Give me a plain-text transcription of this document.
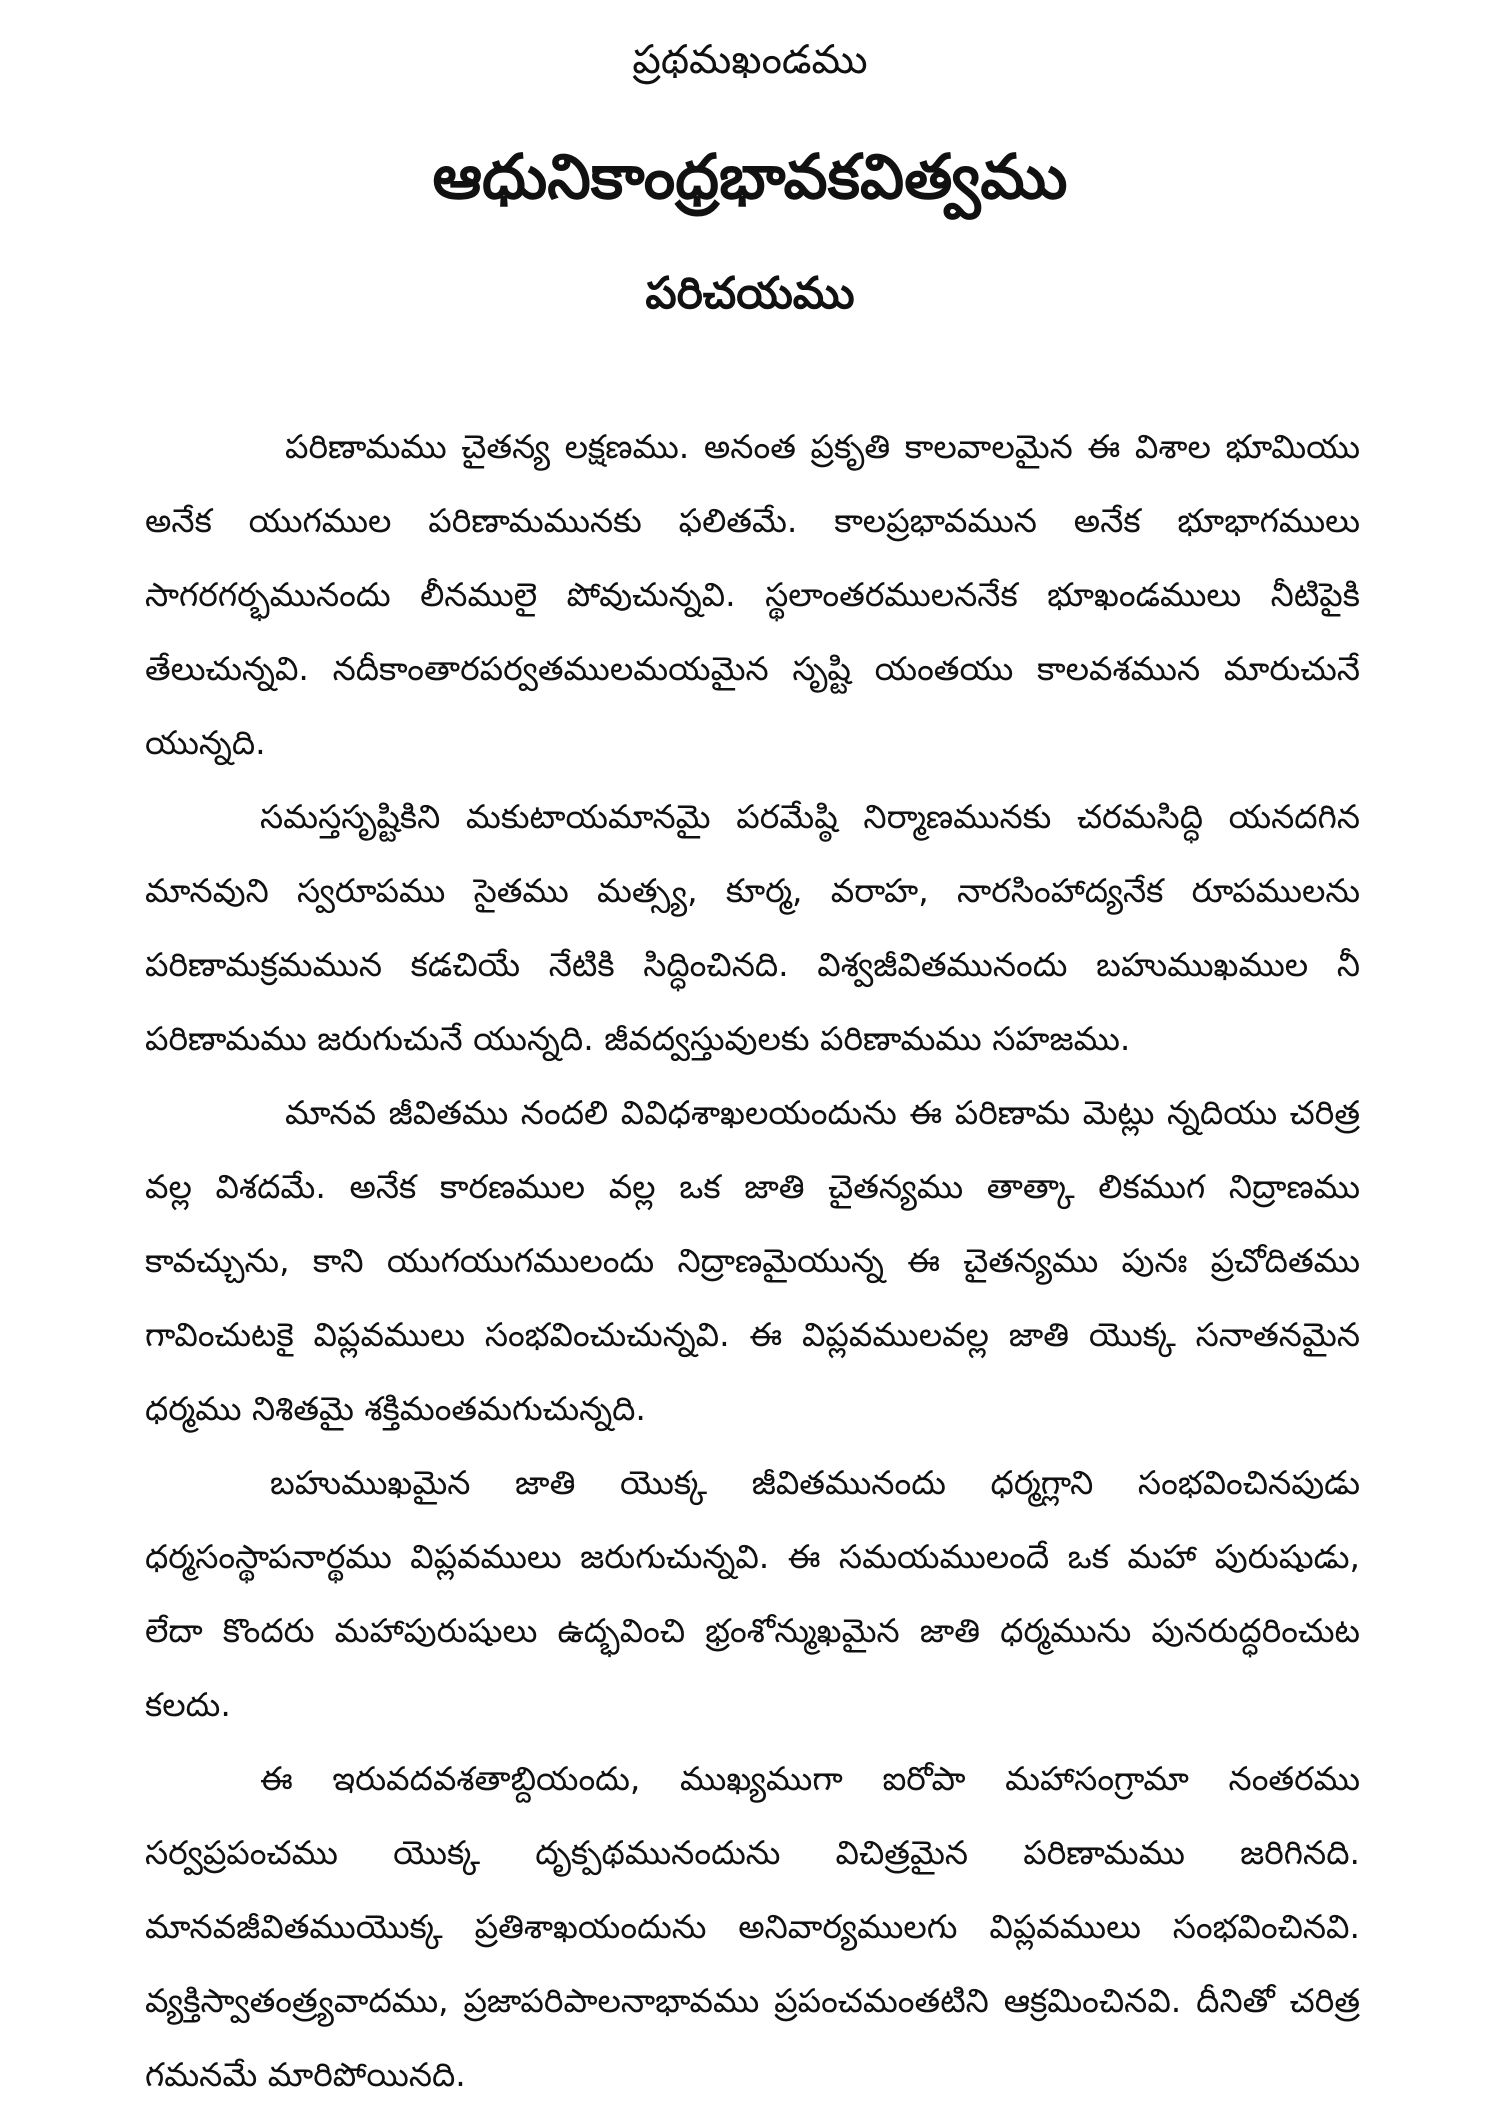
ప్రథమఖండము
ఆధునికాంధ్రభావకవిత్వము
పరిచయము

పరిణామము చైతన్య లక్షణము. అనంత ప్రకృతి కాలవాలమైన ఈ విశాల భూమియు అనేక యుగముల పరిణామమునకు ఫలితమే. కాలప్రభావమున అనేక భూభాగములు సాగరగర్భమునందు లీనములై పోవుచున్నవి. స్థలాంతరములననేక భూఖండములు నీటిపైకి తేలుచున్నవి. నదీకాంతారపర్వతములమయమైన సృష్టి యంతయు కాలవశమున మారుచునే యున్నది.

సమస్తసృష్టికిని మకుటాయమానమై పరమేష్ఠి నిర్మాణమునకు చరమసిద్ధి యనదగిన మానవుని స్వరూపము సైతము మత్స్య, కూర్మ, వరాహ, నారసింహాద్యనేక రూపములను పరిణామక్రమమున కడచియే నేటికి సిద్ధించినది. విశ్వజీవితమునందు బహుముఖముల నీ పరిణామము జరుగుచునే యున్నది. జీవద్వస్తువులకు పరిణామము సహజము.

మానవ జీవితము నందలి వివిధశాఖలయందును ఈ పరిణామ మెట్లు న్నదియు చరిత్ర వల్ల విశదమే. అనేక కారణముల వల్ల ఒక జాతి చైతన్యము తాత్కా లికముగ నిద్రాణము కావచ్చును, కాని యుగయుగములందు నిద్రాణమైయున్న ఈ చైతన్యము పునః ప్రచోదితము గావించుటకై విప్లవములు సంభవించుచున్నవి. ఈ విప్లవములవల్ల జాతి యొక్క సనాతనమైన ధర్మము నిశితమై శక్తిమంతమగుచున్నది.

బహుముఖమైన జాతి యొక్క జీవితమునందు ధర్మగ్లాని సంభవించినపుడు ధర్మసంస్థాపనార్థము విప్లవములు జరుగుచున్నవి. ఈ సమయములందే ఒక మహా పురుషుడు, లేదా కొందరు మహాపురుషులు ఉద్భవించి భ్రంశోన్ముఖమైన జాతి ధర్మమును పునరుద్ధరించుట కలదు.

ఈ ఇరువదవశతాబ్దియందు, ముఖ్యముగా ఐరోపా మహాసంగ్రామా నంతరము సర్వప్రపంచము యొక్క దృక్పథమునందును విచిత్రమైన పరిణామము జరిగినది. మానవజీవితముయొక్క ప్రతిశాఖయందును అనివార్యములగు విప్లవములు సంభవించినవి. వ్యక్తిస్వాతంత్ర్యవాదము, ప్రజాపరిపాలనాభావము ప్రపంచమంతటిని ఆక్రమించినవి. దీనితో చరిత్ర గమనమే మారిపోయినది.
